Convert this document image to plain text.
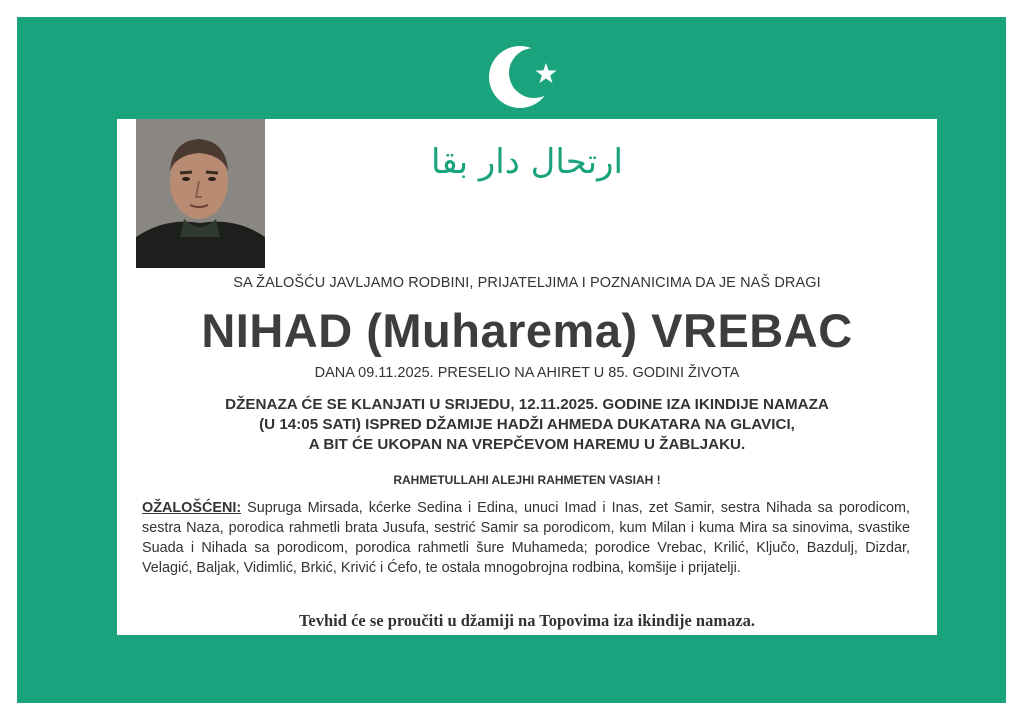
ارتحال دار بقا
SA ŽALOŠĆU JAVLJAMO RODBINI, PRIJATELJIMA I POZNANICIMA DA JE NAŠ DRAGI
NIHAD (Muharema) VREBAC
DANA 09.11.2025. PRESELIO NA AHIRET U 85. GODINI ŽIVOTA
DŽENAZA ĆE SE KLANJATI U SRIJEDU, 12.11.2025. GODINE IZA IKINDIJE NAMAZA
(U 14:05 SATI) ISPRED DŽAMIJE HADŽI AHMEDA DUKATARA NA GLAVICI,
A BIT ĆE UKOPAN NA VREPČEVOM HAREMU U ŽABLJAKU.
RAHMETULLAHI ALEJHI RAHMETEN VASIAH !
OŽALOŠĆENI: Supruga Mirsada, kćerke Sedina i Edina, unuci Imad i Inas, zet Samir, sestra Nihada sa porodicom, sestra Naza, porodica rahmetli brata Jusufa, sestrić Samir sa porodicom, kum Milan i kuma Mira sa sinovima, svastike Suada i Nihada sa porodicom, porodica rahmetli šure Muhameda; porodice Vrebac, Krilić, Ključo, Bazdulj, Dizdar, Velagić, Baljak, Vidimlić, Brkić, Krivić i Ćefo, te ostala mnogobrojna rodbina, komšije i prijatelji.
Tevhid će se proučiti u džamiji na Topovima iza ikindije namaza.
